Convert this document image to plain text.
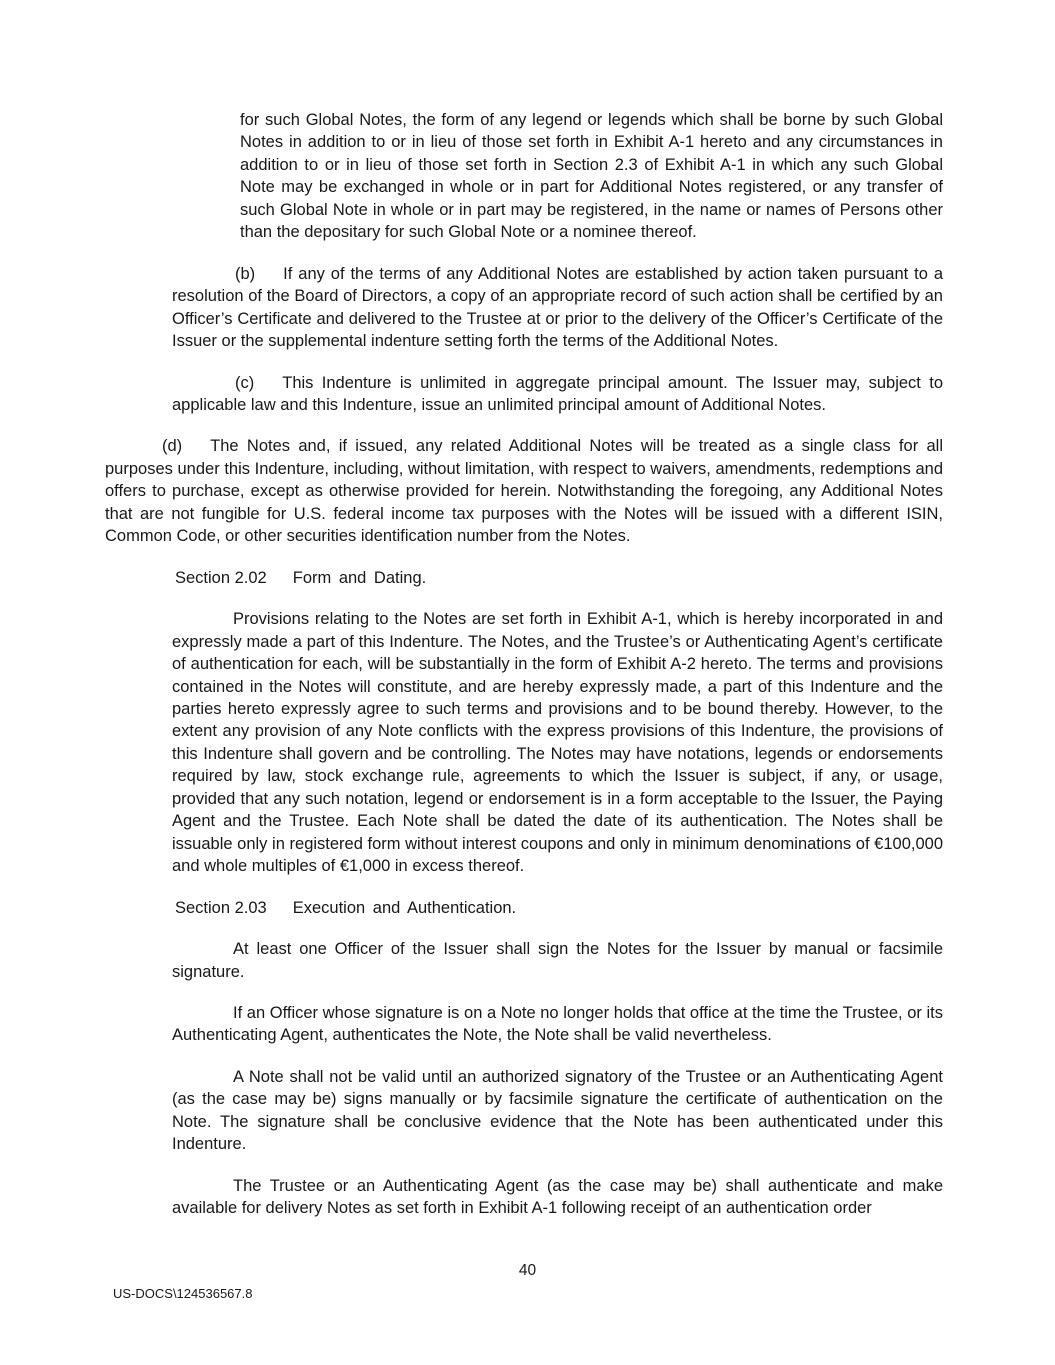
for such Global Notes, the form of any legend or legends which shall be borne by such Global Notes in addition to or in lieu of those set forth in Exhibit A-1 hereto and any circumstances in addition to or in lieu of those set forth in Section 2.3 of Exhibit A-1 in which any such Global Note may be exchanged in whole or in part for Additional Notes registered, or any transfer of such Global Note in whole or in part may be registered, in the name or names of Persons other than the depositary for such Global Note or a nominee thereof.

(b) If any of the terms of any Additional Notes are established by action taken pursuant to a resolution of the Board of Directors, a copy of an appropriate record of such action shall be certified by an Officer’s Certificate and delivered to the Trustee at or prior to the delivery of the Officer’s Certificate of the Issuer or the supplemental indenture setting forth the terms of the Additional Notes.

(c) This Indenture is unlimited in aggregate principal amount. The Issuer may, subject to applicable law and this Indenture, issue an unlimited principal amount of Additional Notes.

(d) The Notes and, if issued, any related Additional Notes will be treated as a single class for all purposes under this Indenture, including, without limitation, with respect to waivers, amendments, redemptions and offers to purchase, except as otherwise provided for herein. Notwithstanding the foregoing, any Additional Notes that are not fungible for U.S. federal income tax purposes with the Notes will be issued with a different ISIN, Common Code, or other securities identification number from the Notes.

Section 2.02 Form and Dating.

Provisions relating to the Notes are set forth in Exhibit A-1, which is hereby incorporated in and expressly made a part of this Indenture. The Notes, and the Trustee’s or Authenticating Agent’s certificate of authentication for each, will be substantially in the form of Exhibit A-2 hereto. The terms and provisions contained in the Notes will constitute, and are hereby expressly made, a part of this Indenture and the parties hereto expressly agree to such terms and provisions and to be bound thereby. However, to the extent any provision of any Note conflicts with the express provisions of this Indenture, the provisions of this Indenture shall govern and be controlling. The Notes may have notations, legends or endorsements required by law, stock exchange rule, agreements to which the Issuer is subject, if any, or usage, provided that any such notation, legend or endorsement is in a form acceptable to the Issuer, the Paying Agent and the Trustee. Each Note shall be dated the date of its authentication. The Notes shall be issuable only in registered form without interest coupons and only in minimum denominations of €100,000 and whole multiples of €1,000 in excess thereof.

Section 2.03 Execution and Authentication.

At least one Officer of the Issuer shall sign the Notes for the Issuer by manual or facsimile signature.

If an Officer whose signature is on a Note no longer holds that office at the time the Trustee, or its Authenticating Agent, authenticates the Note, the Note shall be valid nevertheless.

A Note shall not be valid until an authorized signatory of the Trustee or an Authenticating Agent (as the case may be) signs manually or by facsimile signature the certificate of authentication on the Note. The signature shall be conclusive evidence that the Note has been authenticated under this Indenture.

The Trustee or an Authenticating Agent (as the case may be) shall authenticate and make available for delivery Notes as set forth in Exhibit A-1 following receipt of an authentication order

40
US-DOCS\124536567.8
